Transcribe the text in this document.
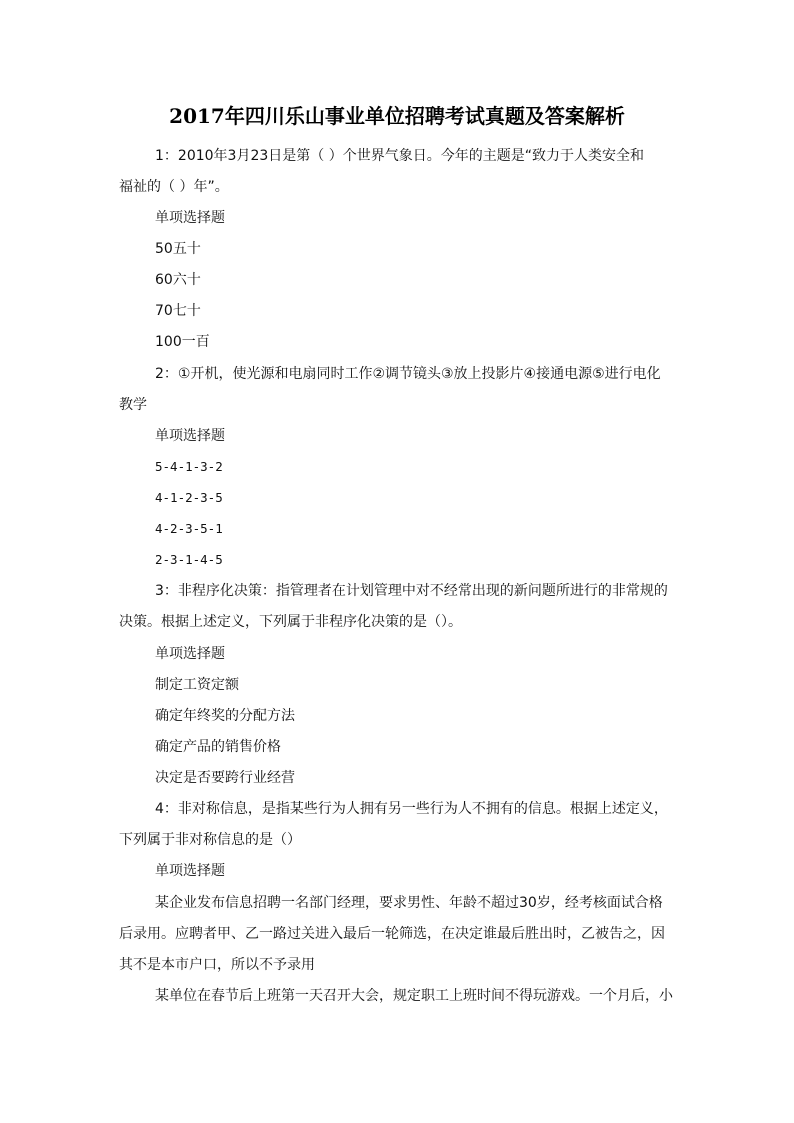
2017年四川乐山事业单位招聘考试真题及答案解析
1：2010年3月23日是第（ ）个世界气象日。今年的主题是“致力于人类安全和
福祉的（ ）年”。
单项选择题
50五十
60六十
70七十
100一百
2：①开机，使光源和电扇同时工作②调节镜头③放上投影片④接通电源⑤进行电化
教学
单项选择题
5-4-1-3-2
4-1-2-3-5
4-2-3-5-1
2-3-1-4-5
3：非程序化决策：指管理者在计划管理中对不经常出现的新问题所进行的非常规的
决策。根据上述定义，下列属于非程序化决策的是（）。
单项选择题
制定工资定额
确定年终奖的分配方法
确定产品的销售价格
决定是否要跨行业经营
4：非对称信息，是指某些行为人拥有另一些行为人不拥有的信息。根据上述定义，
下列属于非对称信息的是（）
单项选择题
某企业发布信息招聘一名部门经理，要求男性、年龄不超过30岁，经考核面试合格
后录用。应聘者甲、乙一路过关进入最后一轮筛选，在决定谁最后胜出时，乙被告之，因
其不是本市户口，所以不予录用
某单位在春节后上班第一天召开大会，规定职工上班时间不得玩游戏。一个月后，小
